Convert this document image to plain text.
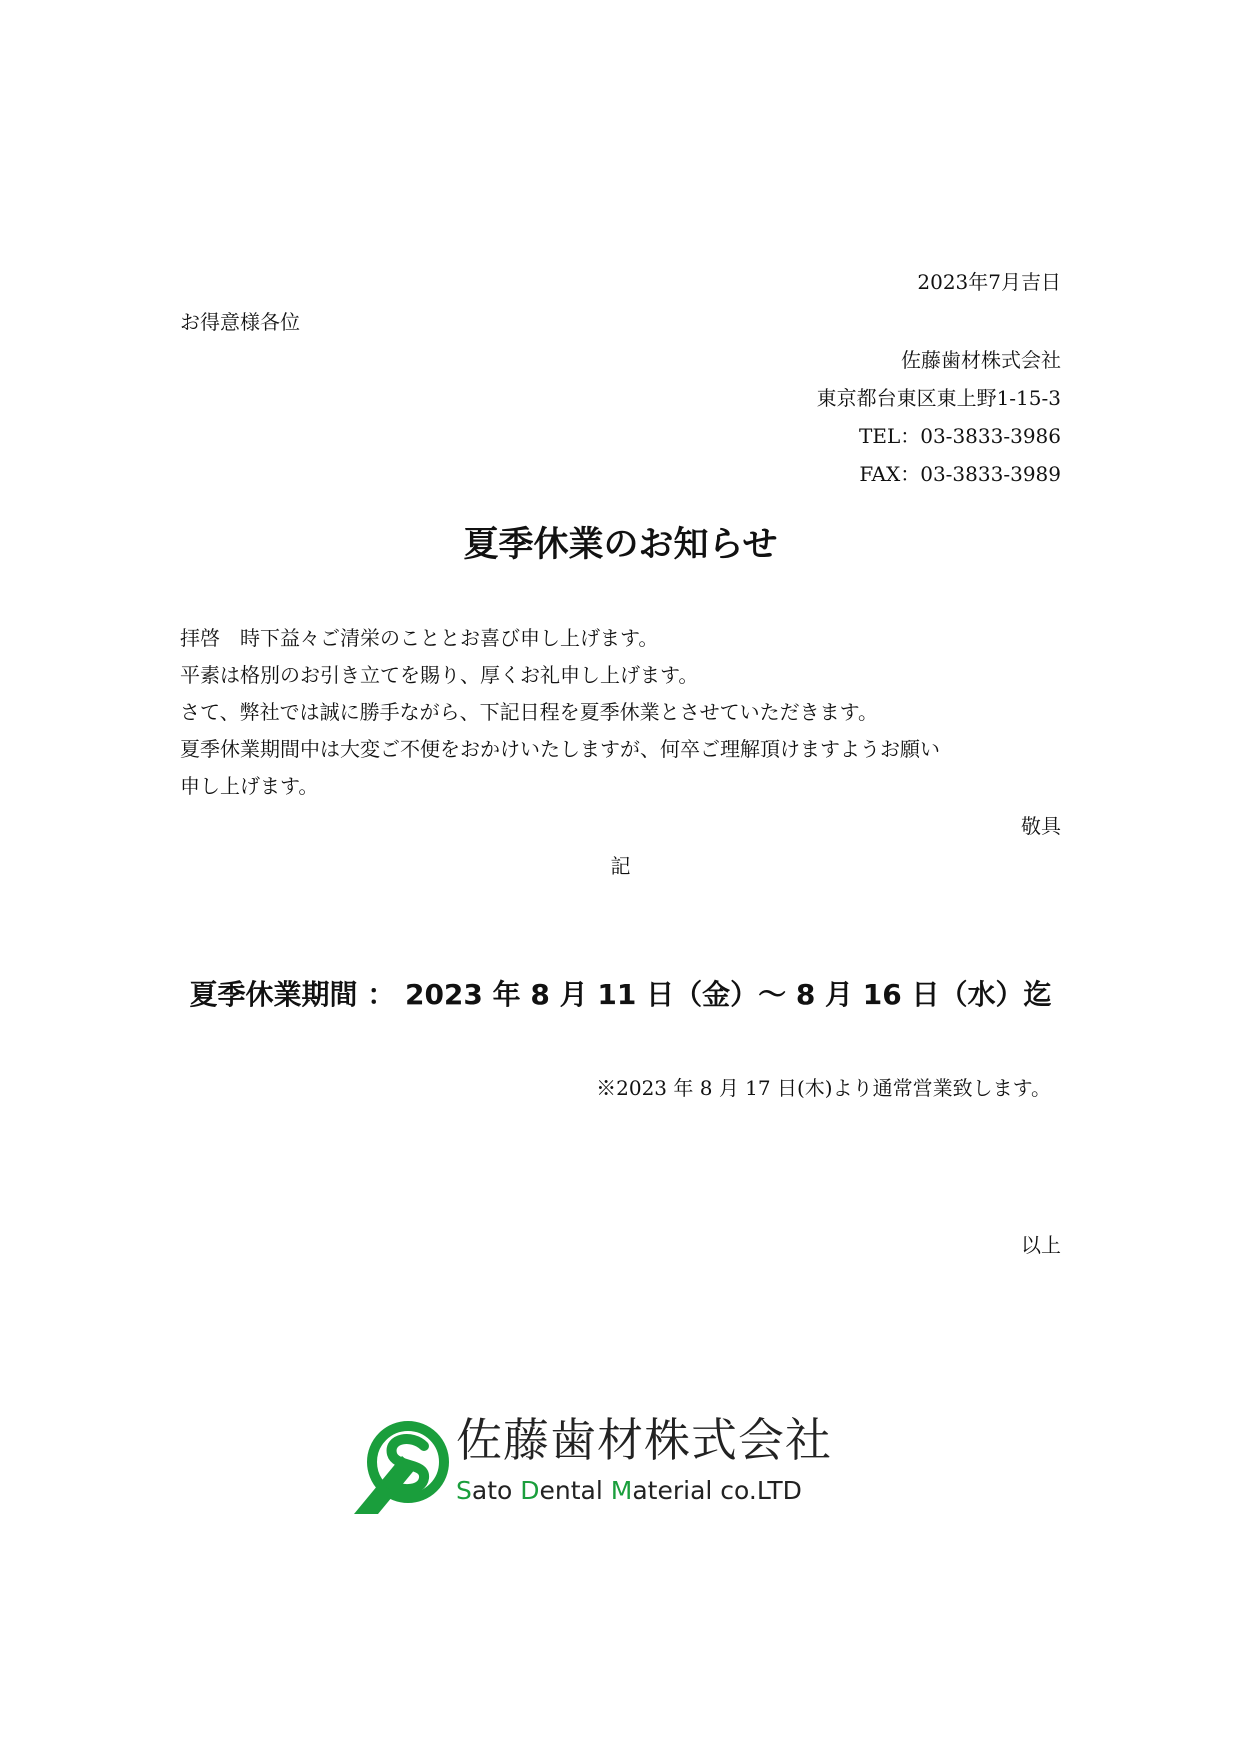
2023年7月吉日
お得意様各位
佐藤歯材株式会社
東京都台東区東上野1-15-3
TEL：03-3833-3986
FAX：03-3833-3989
夏季休業のお知らせ
拝啓　時下益々ご清栄のこととお喜び申し上げます。
平素は格別のお引き立てを賜り、厚くお礼申し上げます。
さて、弊社では誠に勝手ながら、下記日程を夏季休業とさせていただきます。
夏季休業期間中は大変ご不便をおかけいたしますが、何卒ご理解頂けますようお願い
申し上げます。
敬具
記
夏季休業期間 ： 2023 年 8 月 11 日（金）～ 8 月 16 日（水）迄
※2023 年 8 月 17 日(木)より通常営業致します。
以上
佐藤歯材株式会社
Sato Dental Material co.LTD
